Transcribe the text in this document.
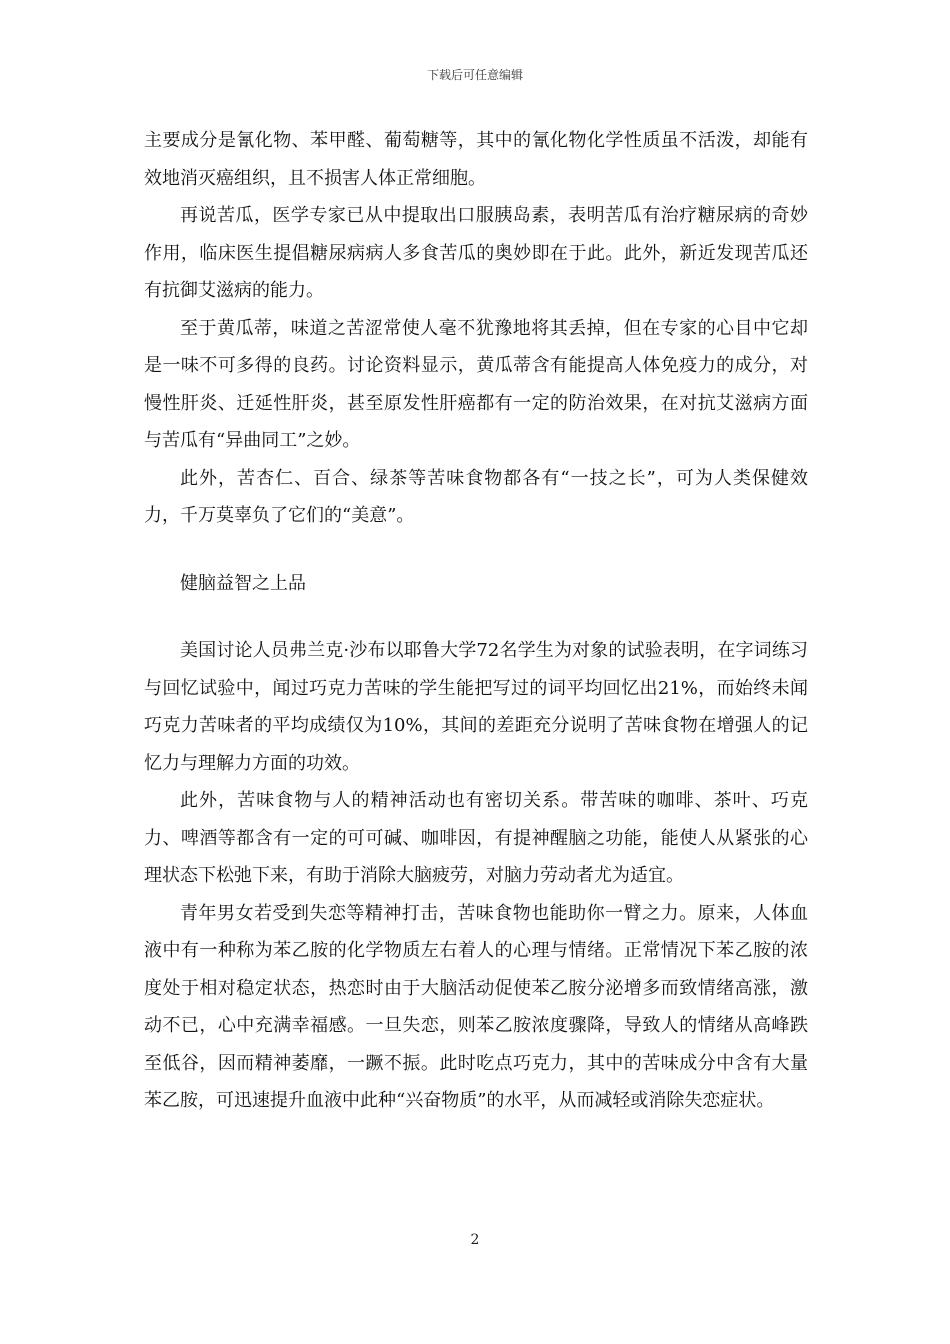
下载后可任意编辑

主要成分是氰化物、苯甲醛、葡萄糖等，其中的氰化物化学性质虽不活泼，却能有效地消灭癌组织，且不损害人体正常细胞。

再说苦瓜，医学专家已从中提取出口服胰岛素，表明苦瓜有治疗糖尿病的奇妙作用，临床医生提倡糖尿病病人多食苦瓜的奥妙即在于此。此外，新近发现苦瓜还有抗御艾滋病的能力。

至于黄瓜蒂，味道之苦涩常使人毫不犹豫地将其丢掉，但在专家的心目中它却是一味不可多得的良药。讨论资料显示，黄瓜蒂含有能提高人体免疫力的成分，对慢性肝炎、迁延性肝炎，甚至原发性肝癌都有一定的防治效果，在对抗艾滋病方面与苦瓜有“异曲同工”之妙。

此外，苦杏仁、百合、绿茶等苦味食物都各有“一技之长”，可为人类保健效力，千万莫辜负了它们的“美意”。

健脑益智之上品

美国讨论人员弗兰克·沙布以耶鲁大学72名学生为对象的试验表明，在字词练习与回忆试验中，闻过巧克力苦味的学生能把写过的词平均回忆出21%，而始终未闻巧克力苦味者的平均成绩仅为10%，其间的差距充分说明了苦味食物在增强人的记忆力与理解力方面的功效。

此外，苦味食物与人的精神活动也有密切关系。带苦味的咖啡、茶叶、巧克力、啤酒等都含有一定的可可碱、咖啡因，有提神醒脑之功能，能使人从紧张的心理状态下松弛下来，有助于消除大脑疲劳，对脑力劳动者尤为适宜。

青年男女若受到失恋等精神打击，苦味食物也能助你一臂之力。原来，人体血液中有一种称为苯乙胺的化学物质左右着人的心理与情绪。正常情况下苯乙胺的浓度处于相对稳定状态，热恋时由于大脑活动促使苯乙胺分泌增多而致情绪高涨，激动不已，心中充满幸福感。一旦失恋，则苯乙胺浓度骤降，导致人的情绪从高峰跌至低谷，因而精神萎靡，一蹶不振。此时吃点巧克力，其中的苦味成分中含有大量苯乙胺，可迅速提升血液中此种“兴奋物质”的水平，从而减轻或消除失恋症状。

2
